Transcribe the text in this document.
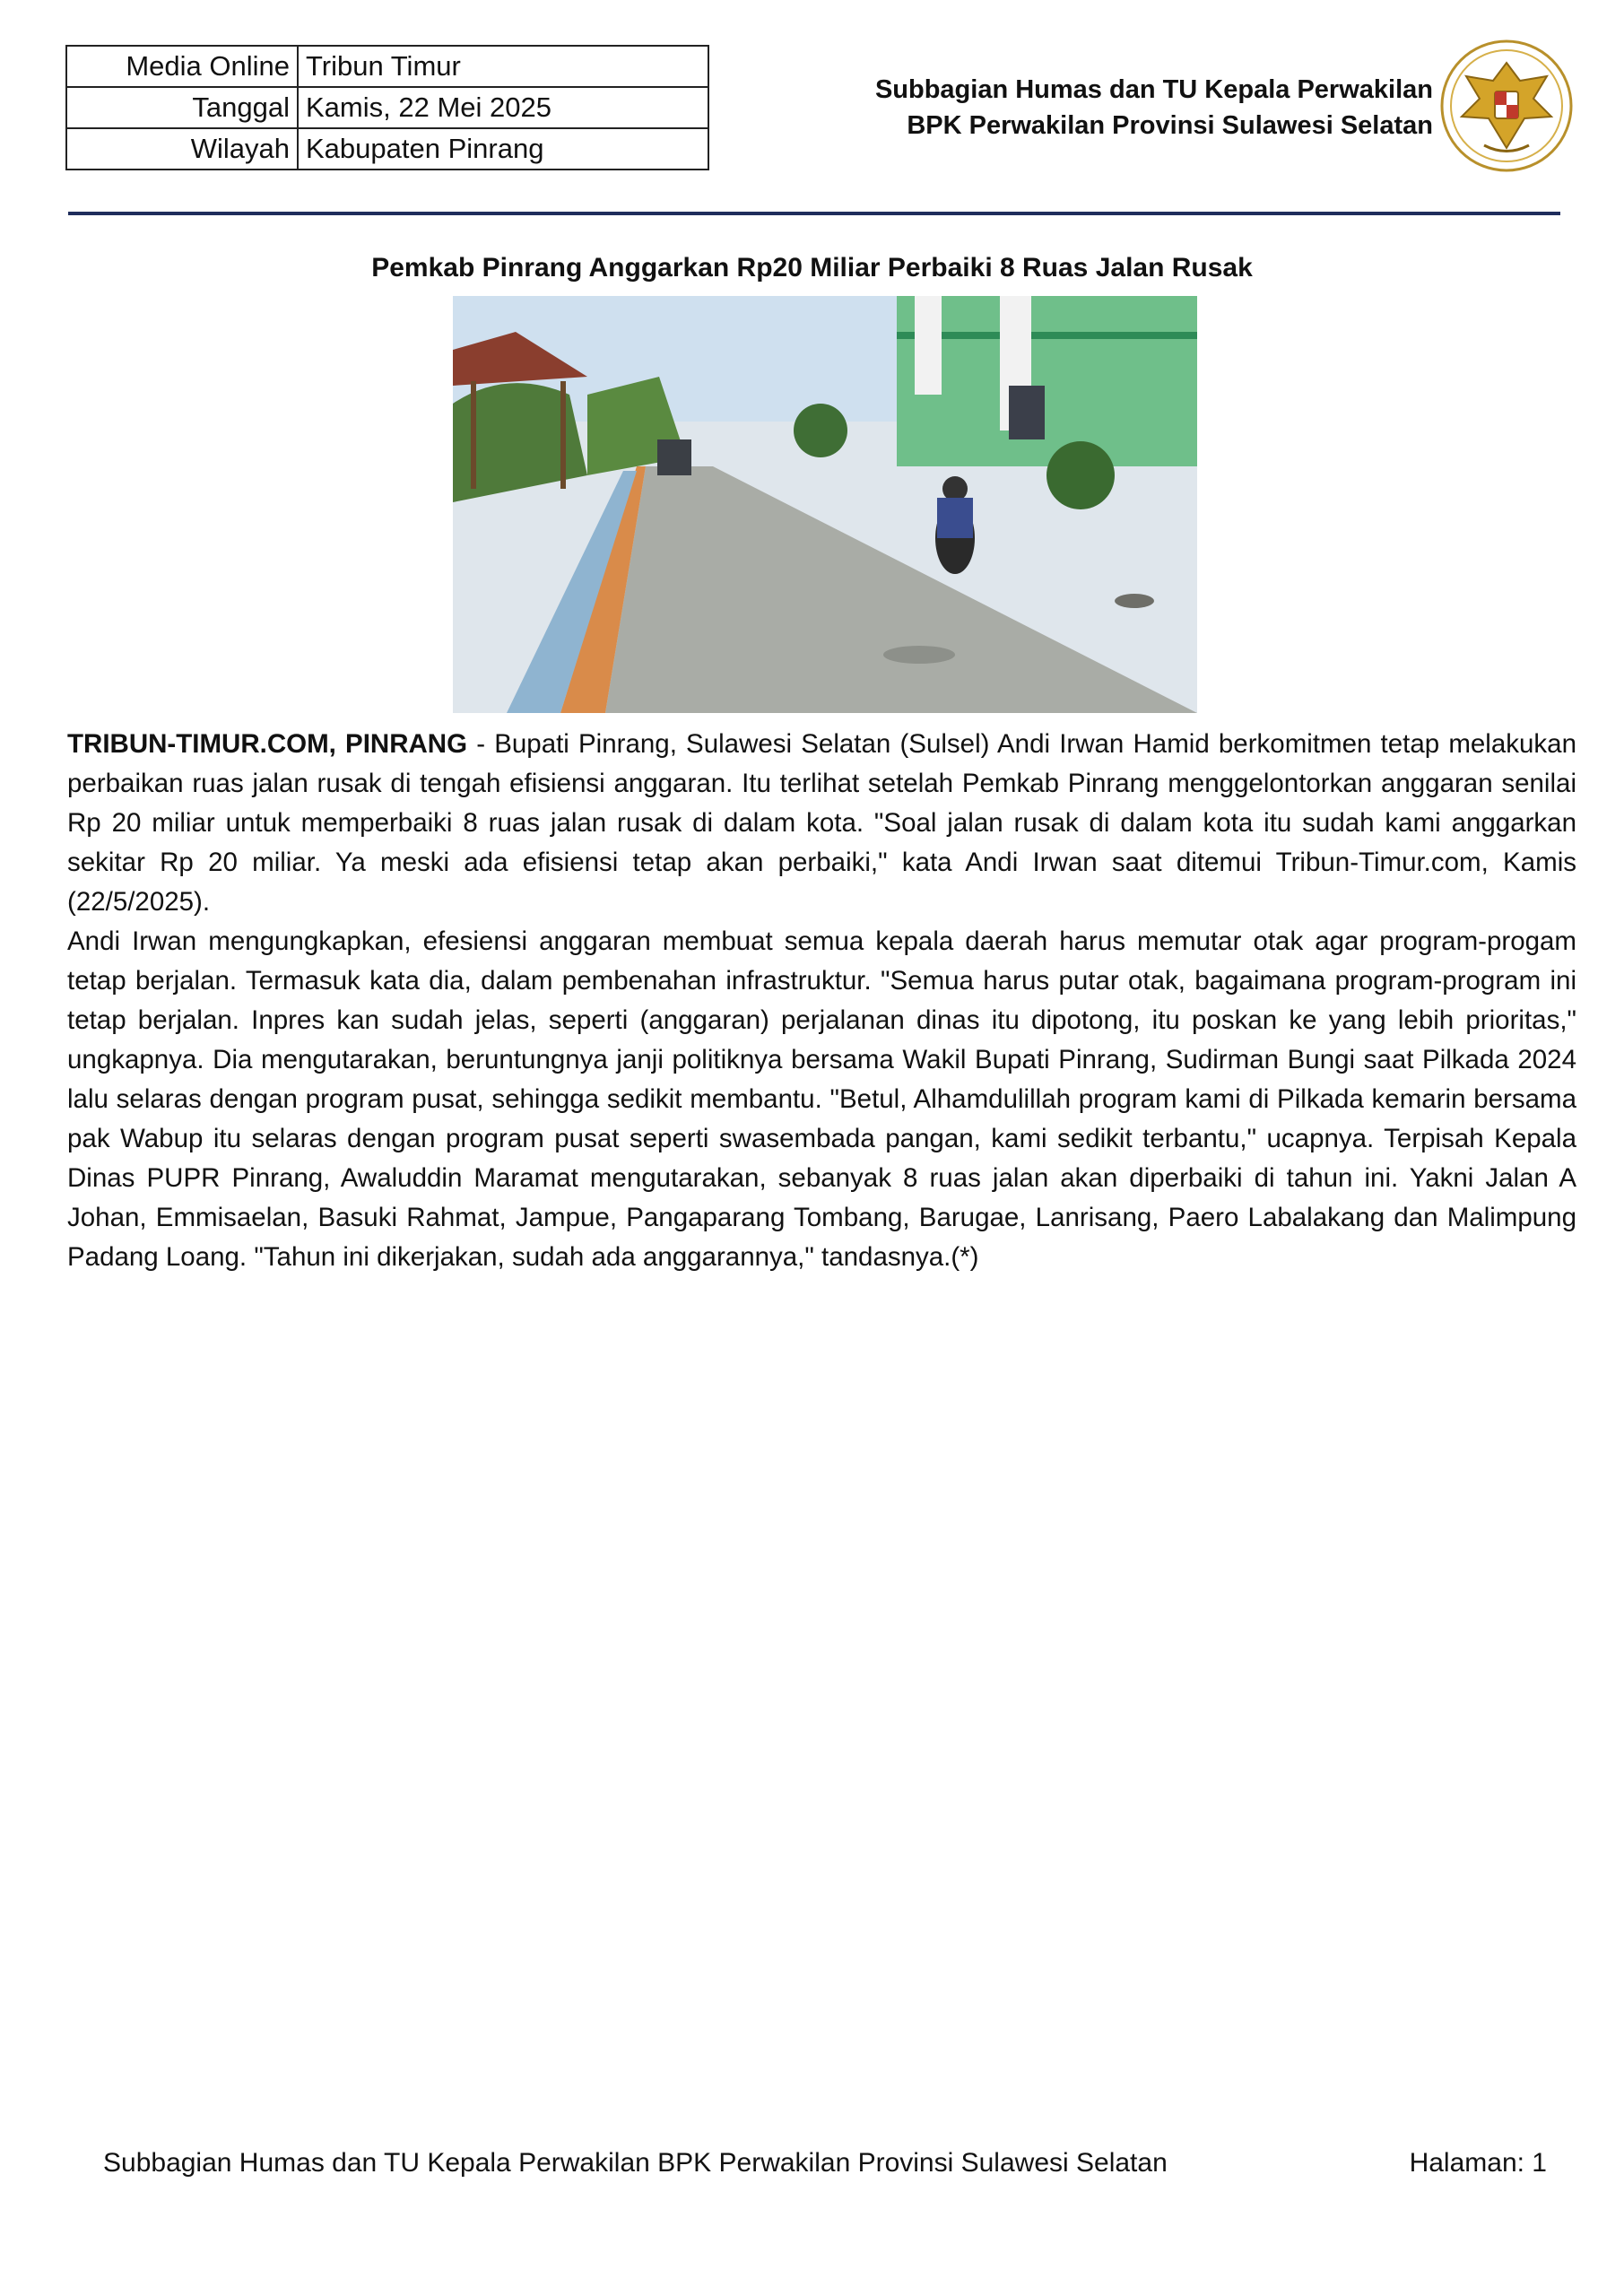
Media Online	Tribun Timur
Tanggal	Kamis, 22 Mei 2025
Wilayah	Kabupaten Pinrang
Subbagian Humas dan TU Kepala Perwakilan
BPK Perwakilan Provinsi Sulawesi Selatan
Pemkab Pinrang Anggarkan Rp20 Miliar Perbaiki 8 Ruas Jalan Rusak

TRIBUN-TIMUR.COM, PINRANG - Bupati Pinrang, Sulawesi Selatan (Sulsel) Andi Irwan Hamid berkomitmen tetap melakukan perbaikan ruas jalan rusak di tengah efisiensi anggaran. Itu terlihat setelah Pemkab Pinrang menggelontorkan anggaran senilai Rp 20 miliar untuk memperbaiki 8 ruas jalan rusak di dalam kota. "Soal jalan rusak di dalam kota itu sudah kami anggarkan sekitar Rp 20 miliar. Ya meski ada efisiensi tetap akan perbaiki," kata Andi Irwan saat ditemui Tribun-Timur.com, Kamis (22/5/2025).

Andi Irwan mengungkapkan, efesiensi anggaran membuat semua kepala daerah harus memutar otak agar program-progam tetap berjalan. Termasuk kata dia, dalam pembenahan infrastruktur. "Semua harus putar otak, bagaimana program-program ini tetap berjalan. Inpres kan sudah jelas, seperti (anggaran) perjalanan dinas itu dipotong, itu poskan ke yang lebih prioritas," ungkapnya. Dia mengutarakan, beruntungnya janji politiknya bersama Wakil Bupati Pinrang, Sudirman Bungi saat Pilkada 2024 lalu selaras dengan program pusat, sehingga sedikit membantu. "Betul, Alhamdulillah program kami di Pilkada kemarin bersama pak Wabup itu selaras dengan program pusat seperti swasembada pangan, kami sedikit terbantu," ucapnya. Terpisah Kepala Dinas PUPR Pinrang, Awaluddin Maramat mengutarakan, sebanyak 8 ruas jalan akan diperbaiki di tahun ini. Yakni Jalan A Johan, Emmisaelan, Basuki Rahmat, Jampue, Pangaparang Tombang, Barugae, Lanrisang, Paero Labalakang dan Malimpung Padang Loang. "Tahun ini dikerjakan, sudah ada anggarannya," tandasnya.(*)

Subbagian Humas dan TU Kepala Perwakilan BPK Perwakilan Provinsi Sulawesi Selatan	Halaman: 1
